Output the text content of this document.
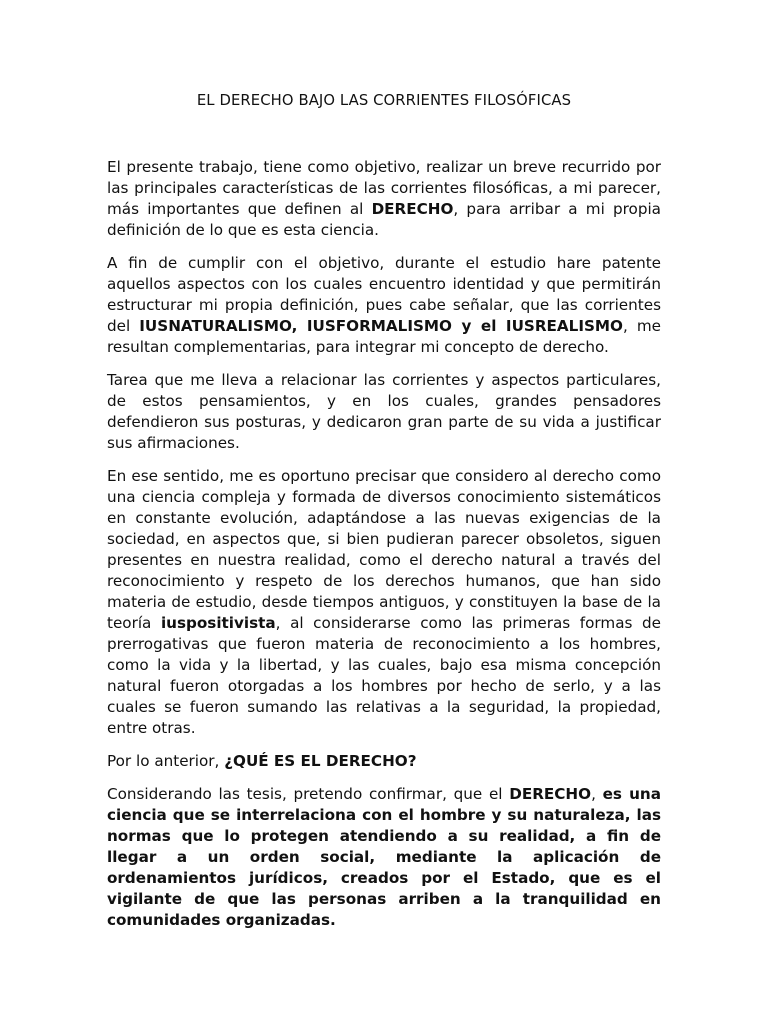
EL DERECHO BAJO LAS CORRIENTES FILOSÓFICAS

El presente trabajo, tiene como objetivo, realizar un breve recurrido por las principales características de las corrientes filosóficas, a mi parecer, más importantes que definen al DERECHO, para arribar a mi propia definición de lo que es esta ciencia.

A fin de cumplir con el objetivo, durante el estudio hare patente aquellos aspectos con los cuales encuentro identidad y que permitirán estructurar mi propia definición, pues cabe señalar, que las corrientes del IUSNATURALISMO, IUSFORMALISMO y el IUSREALISMO, me resultan complementarias, para integrar mi concepto de derecho.

Tarea que me lleva a relacionar las corrientes y aspectos particulares, de estos pensamientos, y en los cuales, grandes pensadores defendieron sus posturas, y dedicaron gran parte de su vida a justificar sus afirmaciones.

En ese sentido, me es oportuno precisar que considero al derecho como una ciencia compleja y formada de diversos conocimiento sistemáticos en constante evolución, adaptándose a las nuevas exigencias de la sociedad, en aspectos que, si bien pudieran parecer obsoletos, siguen presentes en nuestra realidad, como el derecho natural a través del reconocimiento y respeto de los derechos humanos, que han sido materia de estudio, desde tiempos antiguos, y constituyen la base de la teoría iuspositivista, al considerarse como las primeras formas de prerrogativas que fueron materia de reconocimiento a los hombres, como la vida y la libertad, y las cuales, bajo esa misma concepción natural fueron otorgadas a los hombres por hecho de serlo, y a las cuales se fueron sumando las relativas a la seguridad, la propiedad, entre otras.

Por lo anterior, ¿QUÉ ES EL DERECHO?

Considerando las tesis, pretendo confirmar, que el DERECHO, es una ciencia que se interrelaciona con el hombre y su naturaleza, las normas que lo protegen atendiendo a su realidad, a fin de llegar a un orden social, mediante la aplicación de ordenamientos jurídicos, creados por el Estado, que es el vigilante de que las personas arriben a la tranquilidad en comunidades organizadas.
